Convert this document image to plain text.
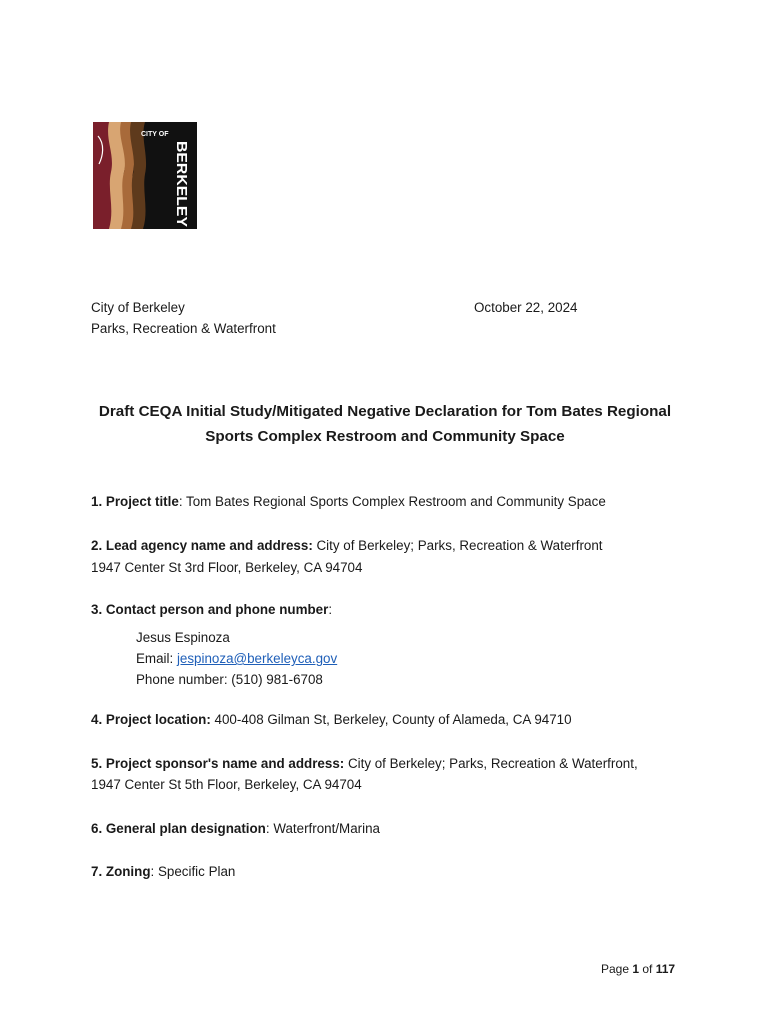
CITY OF
BERKELEY
City of Berkeley
Parks, Recreation & Waterfront
October 22, 2024
Draft CEQA Initial Study/Mitigated Negative Declaration for Tom Bates Regional
Sports Complex Restroom and Community Space
1. Project title: Tom Bates Regional Sports Complex Restroom and Community Space
2. Lead agency name and address: City of Berkeley; Parks, Recreation & Waterfront
1947 Center St 3rd Floor, Berkeley, CA 94704
3. Contact person and phone number:
Jesus Espinoza
Email: jespinoza@berkeleyca.gov
Phone number: (510) 981-6708
4. Project location: 400-408 Gilman St, Berkeley, County of Alameda, CA 94710
5. Project sponsor's name and address: City of Berkeley; Parks, Recreation & Waterfront,
1947 Center St 5th Floor, Berkeley, CA 94704
6. General plan designation: Waterfront/Marina
7. Zoning: Specific Plan
Page 1 of 117
